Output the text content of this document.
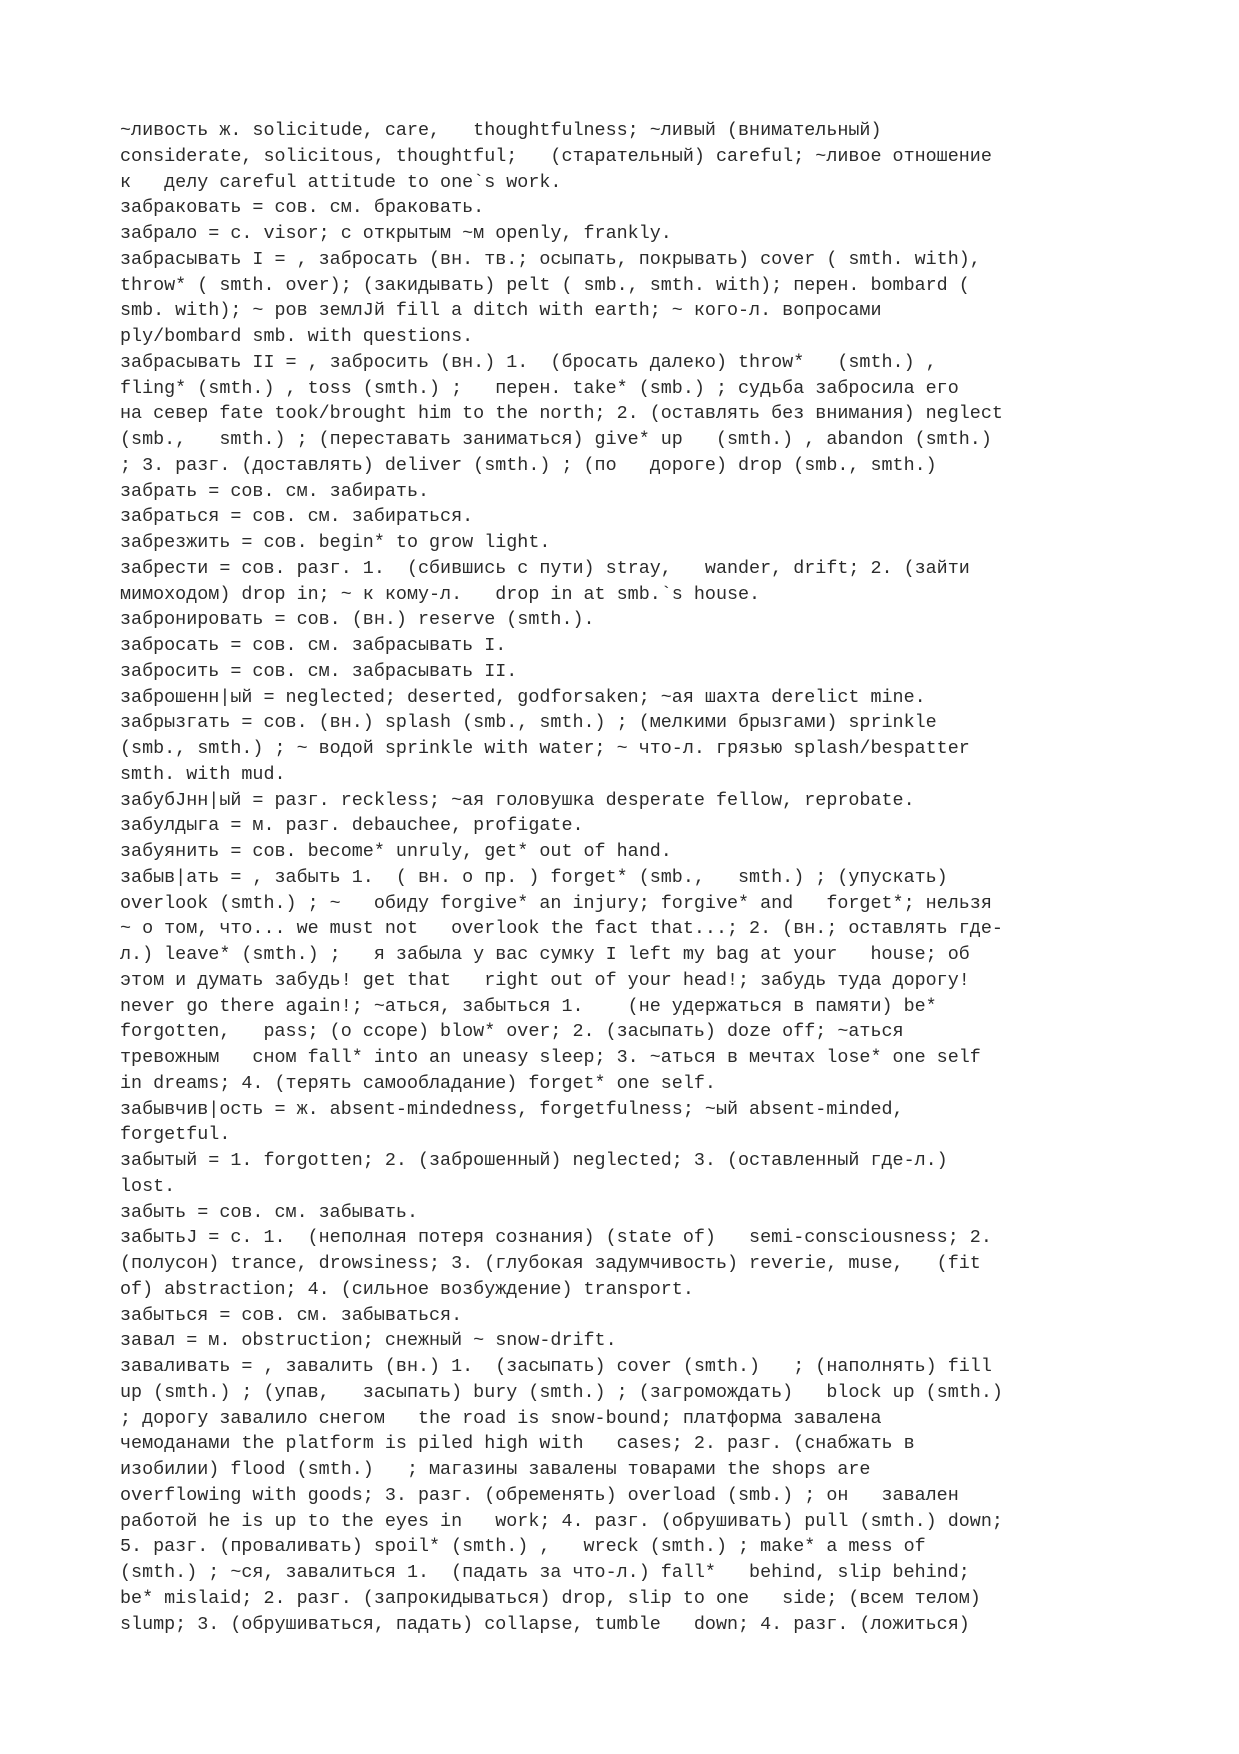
~ливость ж. solicitude, care,   thoughtfulness; ~ливый (внимательный)
considerate, solicitous, thoughtful;   (старательный) careful; ~ливое отношение
к   делу careful attitude to one`s work.
забраковать = сов. см. браковать.
забрало = с. visor; с открытым ~м openly, frankly.
забрасывать I = , забросать (вн. тв.; осыпать, покрывать) cover ( smth. with),
throw* ( smth. over); (закидывать) pelt ( smb., smth. with); перен. bombard (
smb. with); ~ ров землЈй fill a ditch with earth; ~ кого-л. вопросами
ply/bombard smb. with questions.
забрасывать II = , забросить (вн.) 1.  (бросать далеко) throw*   (smth.) ,
fling* (smth.) , toss (smth.) ;   перен. take* (smb.) ; судьба забросила его
на север fate took/brought him to the north; 2. (оставлять без внимания) neglect
(smb.,   smth.) ; (переставать заниматься) give* up   (smth.) , abandon (smth.)
; 3. разг. (доставлять) deliver (smth.) ; (по   дороге) drop (smb., smth.)
забрать = сов. см. забирать.
забраться = сов. см. забираться.
забрезжить = сов. begin* to grow light.
забрести = сов. разг. 1.  (сбившись с пути) stray,   wander, drift; 2. (зайти
мимоходом) drop in; ~ к кому-л.   drop in at smb.`s house.
забронировать = сов. (вн.) reserve (smth.).
забросать = сов. см. забрасывать I.
забросить = сов. см. забрасывать II.
заброшенн|ый = neglected; deserted, godforsaken; ~ая шахта derelict mine.
забрызгать = сов. (вн.) splash (smb., smth.) ; (мелкими брызгами) sprinkle
(smb., smth.) ; ~ водой sprinkle with water; ~ что-л. грязью splash/bespatter
smth. with mud.
забубЈнн|ый = разг. reckless; ~ая головушка desperate fellow, reprobate.
забулдыга = м. разг. debauchee, profigate.
забуянить = сов. become* unruly, get* out of hand.
забыв|ать = , забыть 1.  ( вн. о пр. ) forget* (smb.,   smth.) ; (упускать)
overlook (smth.) ; ~   обиду forgive* an injury; forgive* and   forget*; нельзя
~ о том, что... we must not   overlook the fact that...; 2. (вн.; оставлять где-
л.) leave* (smth.) ;   я забыла у вас сумку I left my bag at your   house; об
этом и думать забудь! get that   right out of your head!; забудь туда дорогу!
never go there again!; ~аться, забыться 1.    (не удержаться в памяти) be*
forgotten,   pass; (о ссоре) blow* over; 2. (засыпать) doze off; ~аться
тревожным   сном fall* into an uneasy sleep; 3. ~аться в мечтах lose* one self
in dreams; 4. (терять самообладание) forget* one self.
забывчив|ость = ж. absent-mindedness, forgetfulness; ~ый absent-minded,
forgetful.
забытый = 1. forgotten; 2. (заброшенный) neglected; 3. (оставленный где-л.)
lost.
забыть = сов. см. забывать.
забытьЈ = с. 1.  (неполная потеря сознания) (state of)   semi-consciousness; 2.
(полусон) trance, drowsiness; 3. (глубокая задумчивость) reverie, muse,   (fit
of) abstraction; 4. (сильное возбуждение) transport.
забыться = сов. см. забываться.
завал = м. obstruction; снежный ~ snow-drift.
заваливать = , завалить (вн.) 1.  (засыпать) cover (smth.)   ; (наполнять) fill
up (smth.) ; (упав,   засыпать) bury (smth.) ; (загромождать)   block up (smth.)
; дорогу завалило снегом   the road is snow-bound; платформа завалена
чемоданами the platform is piled high with   cases; 2. разг. (снабжать в
изобилии) flood (smth.)   ; магазины завалены товарами the shops are
overflowing with goods; 3. разг. (обременять) overload (smb.) ; он   завален
работой he is up to the eyes in   work; 4. разг. (обрушивать) pull (smth.) down;
5. разг. (проваливать) spoil* (smth.) ,   wreck (smth.) ; make* a mess of
(smth.) ; ~ся, завалиться 1.  (падать за что-л.) fall*   behind, slip behind;
be* mislaid; 2. разг. (запрокидываться) drop, slip to one   side; (всем телом)
slump; 3. (обрушиваться, падать) collapse, tumble   down; 4. разг. (ложиться)
